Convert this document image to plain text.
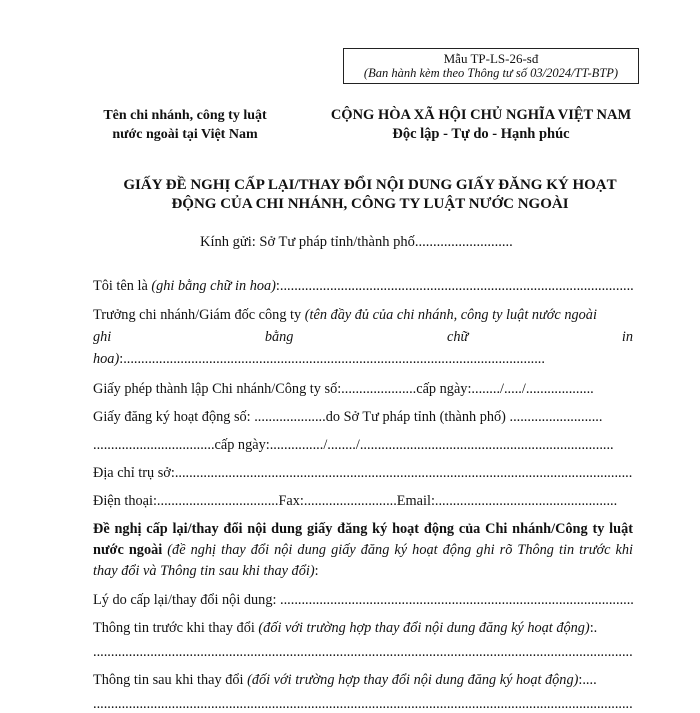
Mẫu TP-LS-26-sđ
(Ban hành kèm theo Thông tư số 03/2024/TT-BTP)
Tên chi nhánh, công ty luật
nước ngoài tại Việt Nam
CỘNG HÒA XÃ HỘI CHỦ NGHĨA VIỆT NAM
Độc lập - Tự do - Hạnh phúc
GIẤY ĐỀ NGHỊ CẤP LẠI/THAY ĐỔI NỘI DUNG GIẤY ĐĂNG KÝ HOẠT
ĐỘNG CỦA CHI NHÁNH, CÔNG TY LUẬT NƯỚC NGOÀI
Kính gửi: Sở Tư pháp tỉnh/thành phố...........................
Tôi tên là (ghi bằng chữ in hoa): .....
Trưởng chi nhánh/Giám đốc công ty (tên đầy đủ của chi nhánh, công ty luật nước ngoài
ghi bằng chữ in hoa):......................................................................................................................
Giấy phép thành lập Chi nhánh/Công ty số:.....................cấp ngày:......../...../...................
Giấy đăng ký hoạt động số: ....................do Sở Tư pháp tỉnh (thành phố) ..........................
..................................cấp ngày:.............../......../.......................................................................
Địa chỉ trụ sở: .....
Điện thoại:..................................Fax:..........................Email:...................................................
Đề nghị cấp lại/thay đổi nội dung giấy đăng ký hoạt động của Chi nhánh/Công ty luật nước ngoài (đề nghị thay đổi nội dung giấy đăng ký hoạt động ghi rõ Thông tin trước khi thay đổi và Thông tin sau khi thay đổi):
Lý do cấp lại/thay đổi nội dung: .....
Thông tin trước khi thay đổi (đối với trường hợp thay đổi nội dung đăng ký hoạt động):.
.....
Thông tin sau khi thay đổi (đối với trường hợp thay đổi nội dung đăng ký hoạt động):....
.....
